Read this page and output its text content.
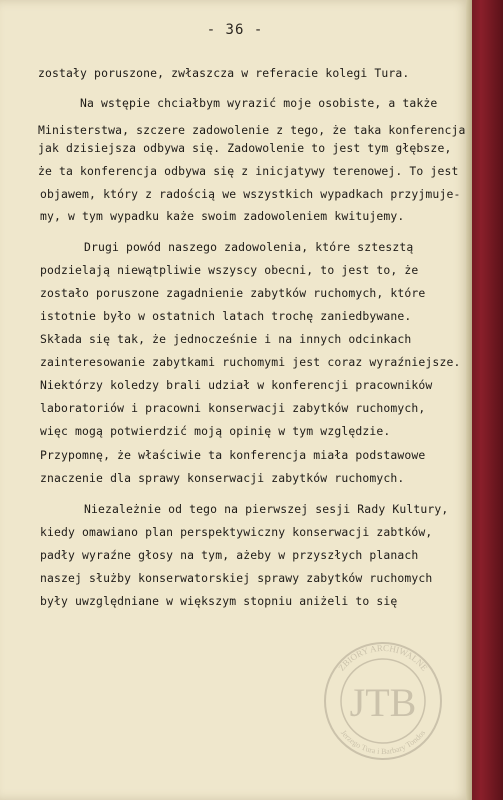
- 36 -
zostały poruszone, zwłaszcza w referacie kolegi Tura.
Na wstępie chciałbym wyrazić moje osobiste, a także
Ministerstwa, szczere zadowolenie z tego, że taka konferencja
jak dzisiejsza odbywa się. Zadowolenie to jest tym głębsze,
że ta konferencja odbywa się z inicjatywy terenowej. To jest
objawem, który z radością we wszystkich wypadkach przyjmuje-
my, w tym wypadku każe swoim zadowoleniem kwitujemy.
Drugi powód naszego zadowolenia, które sztesztą
podzielają niewątpliwie wszyscy obecni, to jest to, że
zostało poruszone zagadnienie zabytków ruchomych, które
istotnie było w ostatnich latach trochę zaniedbywane.
Składa się tak, że jednocześnie i na innych odcinkach
zainteresowanie zabytkami ruchomymi jest coraz wyraźniejsze.
Niektórzy koledzy brali udział w konferencji pracowników
laboratoriów i pracowni konserwacji zabytków ruchomych,
więc mogą potwierdzić moją opinię w tym względzie.
Przypomnę, że właściwie ta konferencja miała podstawowe
znaczenie dla sprawy konserwacji zabytków ruchomych.
Niezależnie od tego na pierwszej sesji Rady Kultury,
kiedy omawiano plan perspektywiczny konserwacji zabtków,
padły wyraźne głosy na tym, ażeby w przyszłych planach
naszej służby konserwatorskiej sprawy zabytków ruchomych
były uwzględniane w większym stopniu aniżeli to się
ZBIORY ARCHIWALNE
Jerzego Tura i Barbary Tondos
JTB
